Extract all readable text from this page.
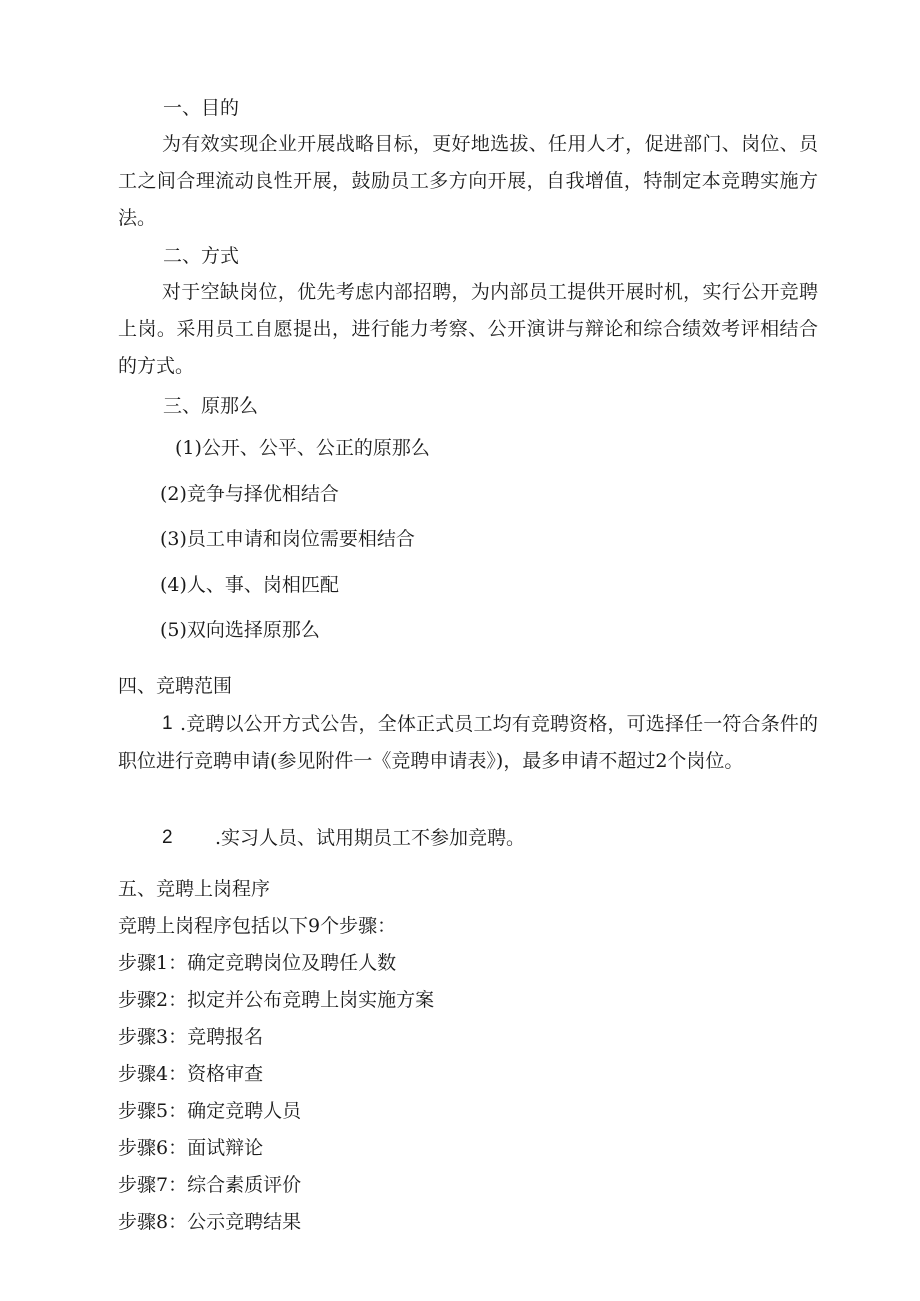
一、目的
为有效实现企业开展战略目标，更好地选拔、任用人才，促进部门、岗位、员工之间合理流动良性开展，鼓励员工多方向开展，自我增值，特制定本竞聘实施方法。
二、方式
对于空缺岗位，优先考虑内部招聘，为内部员工提供开展时机，实行公开竞聘上岗。采用员工自愿提出，进行能力考察、公开演讲与辩论和综合绩效考评相结合的方式。
三、原那么
(1)公开、公平、公正的原那么
(2)竞争与择优相结合
(3)员工申请和岗位需要相结合
(4)人、事、岗相匹配
(5)双向选择原那么
四、竞聘范围
1 .竞聘以公开方式公告，全体正式员工均有竞聘资格，可选择任一符合条件的职位进行竞聘申请(参见附件一《竞聘申请表》)，最多申请不超过2个岗位。
2 .实习人员、试用期员工不参加竞聘。
五、竞聘上岗程序
竞聘上岗程序包括以下9个步骤：
步骤1：确定竞聘岗位及聘任人数
步骤2：拟定并公布竞聘上岗实施方案
步骤3：竞聘报名
步骤4：资格审查
步骤5：确定竞聘人员
步骤6：面试辩论
步骤7：综合素质评价
步骤8：公示竞聘结果
